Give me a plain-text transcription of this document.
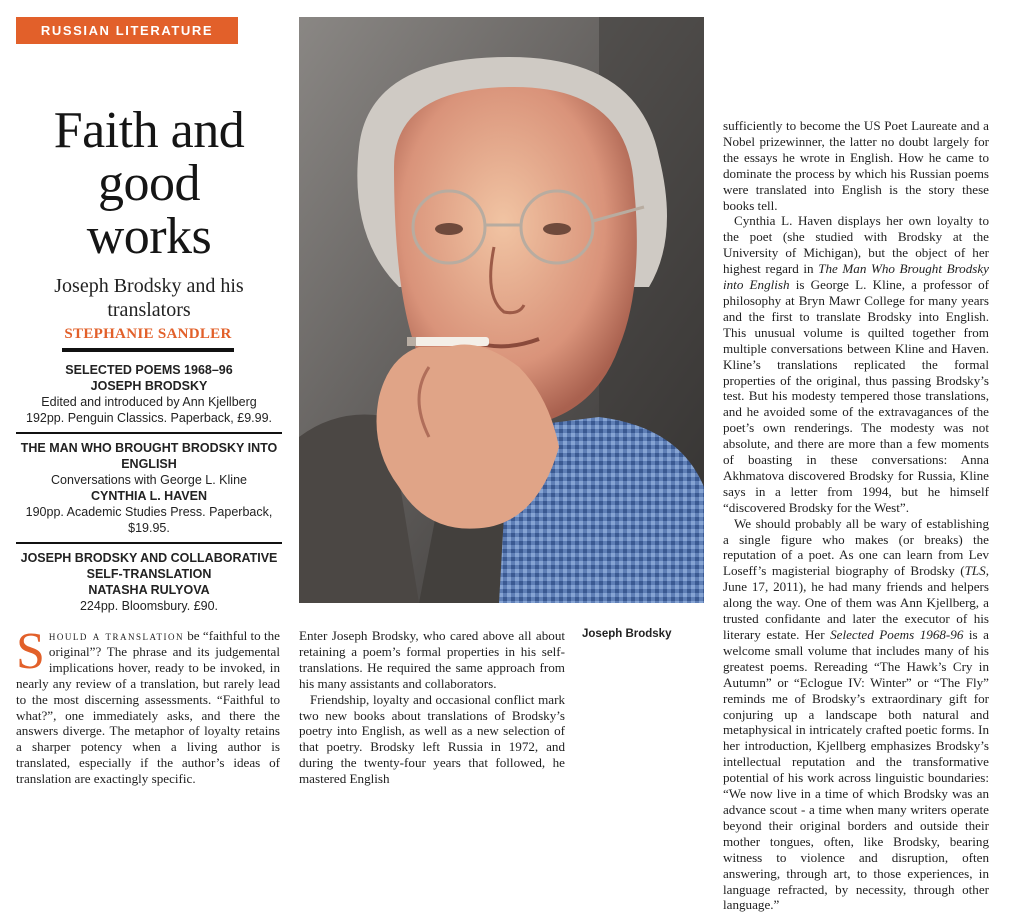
RUSSIAN LITERATURE
Faith and
good
works
Joseph Brodsky and his
translators
STEPHANIE SANDLER
SELECTED POEMS 1968–96
JOSEPH BRODSKY
Edited and introduced by Ann Kjellberg
192pp. Penguin Classics. Paperback, £9.99.
THE MAN WHO BROUGHT BRODSKY INTO ENGLISH
Conversations with George L. Kline
CYNTHIA L. HAVEN
190pp. Academic Studies Press. Paperback, $19.95.
JOSEPH BRODSKY AND COLLABORATIVE SELF-TRANSLATION
NATASHA RULYOVA
224pp. Bloomsbury. £90.
Joseph Brodsky

Should a translation be “faithful to the original”? The phrase and its judgemental implications hover, ready to be invoked, in nearly any review of a translation, but rarely lead to the most discerning assessments. “Faithful to what?”, one immediately asks, and there the answers diverge. The metaphor of loyalty retains a sharper potency when a living author is translated, especially if the author’s ideas of translation are exactingly specific.

Enter Joseph Brodsky, who cared above all about retaining a poem’s formal properties in his self-translations. He required the same approach from his many assistants and collaborators.

Friendship, loyalty and occasional conflict mark two new books about translations of Brodsky’s poetry into English, as well as a new selection of that poetry. Brodsky left Russia in 1972, and during the twenty-four years that followed, he mastered English

sufficiently to become the US Poet Laureate and a Nobel prizewinner, the latter no doubt largely for the essays he wrote in English. How he came to dominate the process by which his Russian poems were translated into English is the story these books tell.

Cynthia L. Haven displays her own loyalty to the poet (she studied with Brodsky at the University of Michigan), but the object of her highest regard in The Man Who Brought Brodsky into English is George L. Kline, a professor of philosophy at Bryn Mawr College for many years and the first to translate Brodsky into English. This unusual volume is quilted together from multiple conversations between Kline and Haven. Kline’s translations replicated the formal properties of the original, thus passing Brodsky’s test. But his modesty tempered those translations, and he avoided some of the extravagances of the poet’s own renderings. The modesty was not absolute, and there are more than a few moments of boasting in these conversations: Anna Akhmatova discovered Brodsky for Russia, Kline says in a letter from 1994, but he himself “discovered Brodsky for the West”.

We should probably all be wary of establishing a single figure who makes (or breaks) the reputation of a poet. As one can learn from Lev Loseff’s magisterial biography of Brodsky (TLS, June 17, 2011), he had many friends and helpers along the way. One of them was Ann Kjellberg, a trusted confidante and later the executor of his literary estate. Her Selected Poems 1968-96 is a welcome small volume that includes many of his greatest poems. Rereading “The Hawk’s Cry in Autumn” or “Eclogue IV: Winter” or “The Fly” reminds me of Brodsky’s extraordinary gift for conjuring up a landscape both natural and metaphysical in intricately crafted poetic forms. In her introduction, Kjellberg emphasizes Brodsky’s intellectual reputation and the transformative potential of his work across linguistic boundaries: “We now live in a time of which Brodsky was an advance scout - a time when many writers operate beyond their original borders and outside their mother tongues, often, like Brodsky, bearing witness to violence and disruption, often answering, through art, to those experiences, in language refracted, by necessity, through other language.”
